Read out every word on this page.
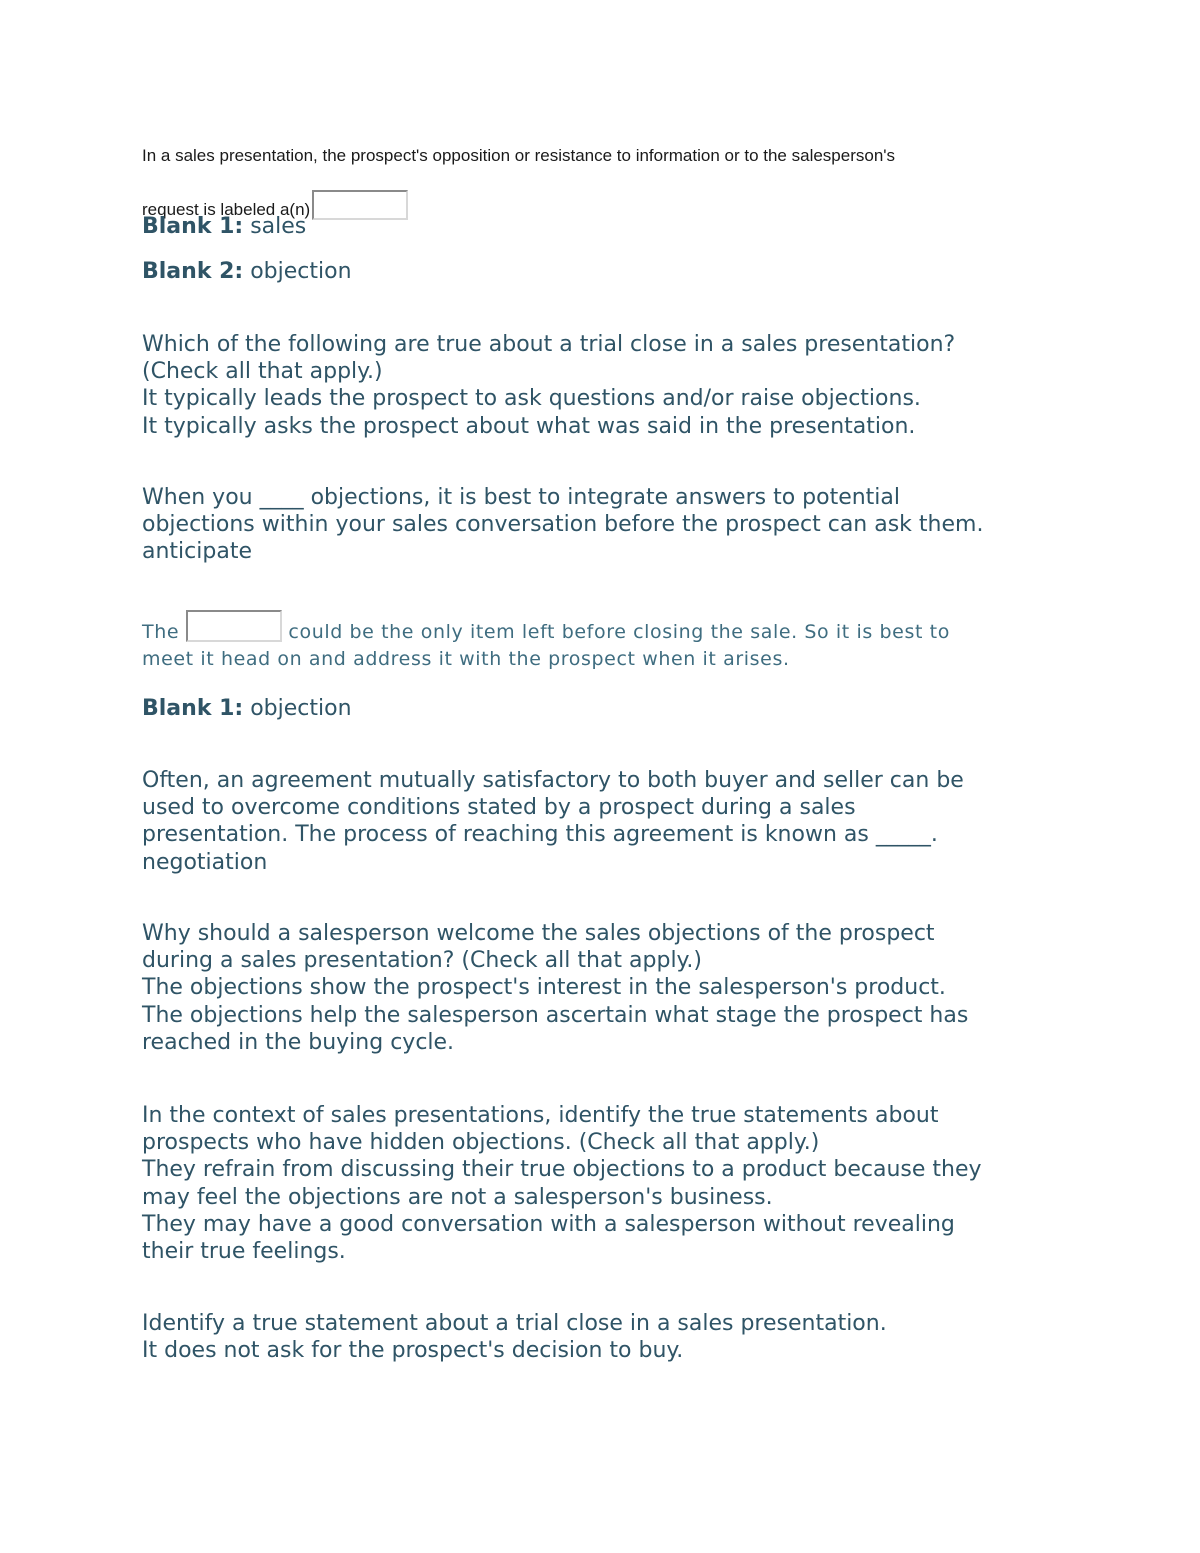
In a sales presentation, the prospect's opposition or resistance to information or to the salesperson's
request is labeled a(n)
Blank 1: sales
Blank 2: objection
Which of the following are true about a trial close in a sales presentation?
(Check all that apply.)
It typically leads the prospect to ask questions and/or raise objections.
It typically asks the prospect about what was said in the presentation.
When you ____ objections, it is best to integrate answers to potential
objections within your sales conversation before the prospect can ask them.
anticipate
The	could be the only item left before closing the sale. So it is best to
meet it head on and address it with the prospect when it arises.
Blank 1: objection
Often, an agreement mutually satisfactory to both buyer and seller can be
used to overcome conditions stated by a prospect during a sales
presentation. The process of reaching this agreement is known as _____.
negotiation
Why should a salesperson welcome the sales objections of the prospect
during a sales presentation? (Check all that apply.)
The objections show the prospect's interest in the salesperson's product.
The objections help the salesperson ascertain what stage the prospect has
reached in the buying cycle.
In the context of sales presentations, identify the true statements about
prospects who have hidden objections. (Check all that apply.)
They refrain from discussing their true objections to a product because they
may feel the objections are not a salesperson's business.
They may have a good conversation with a salesperson without revealing
their true feelings.
Identify a true statement about a trial close in a sales presentation.
It does not ask for the prospect's decision to buy.
